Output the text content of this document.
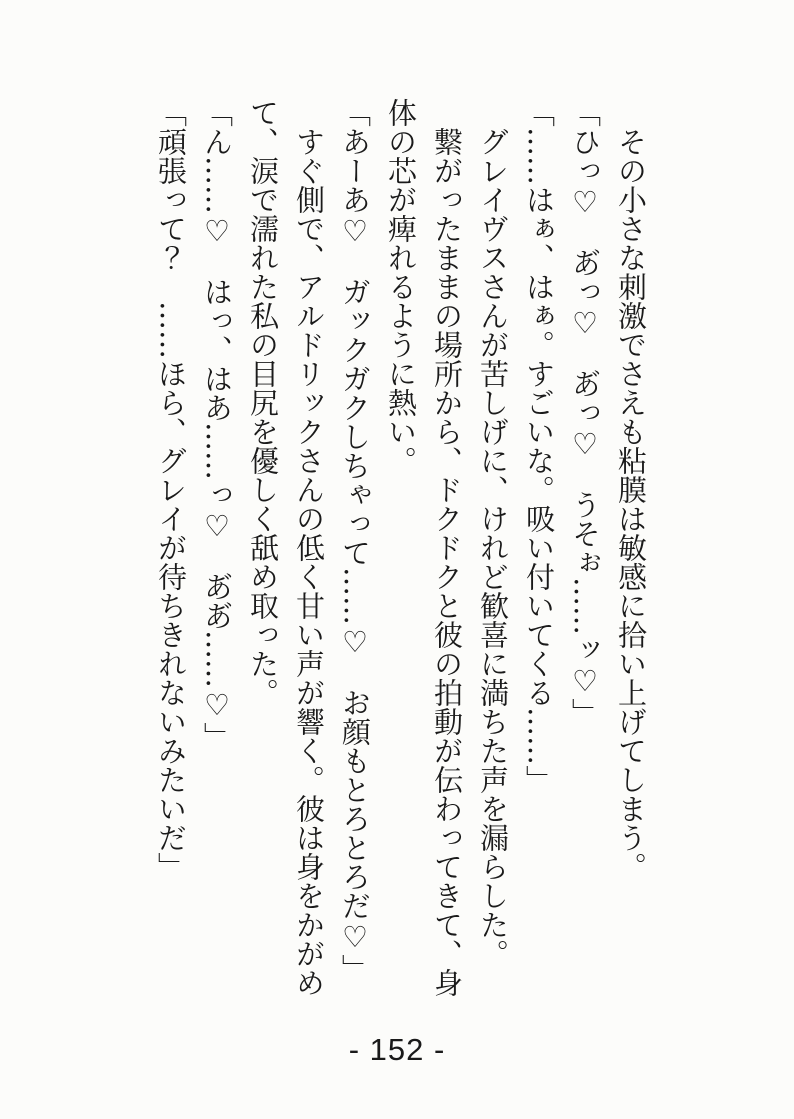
その小さな刺激でさえも粘膜は敏感に拾い上げてしまう。

「ひっ♡　あ゙っ♡　あ゙っ♡　うそぉ……ッ♡」

「……はぁ、はぁ。すごいな。吸い付いてくる……」

グレイヴスさんが苦しげに、けれど歓喜に満ちた声を漏らした。

繋がったままの場所から、ドクドクと彼の拍動が伝わってきて、身体の芯が痺れるように熱い。

「あーあ♡　ガックガクしちゃって……♡　お顔もとろとろだ♡」

すぐ側で、アルドリックさんの低く甘い声が響く。彼は身をかがめて、涙で濡れた私の目尻を優しく舐め取った。

「ん……♡　はっ、はあ……っ♡　あ゙あ゙……♡」

「頑張って？　……ほら、グレイが待ちきれないみたいだ」

- 152 -
